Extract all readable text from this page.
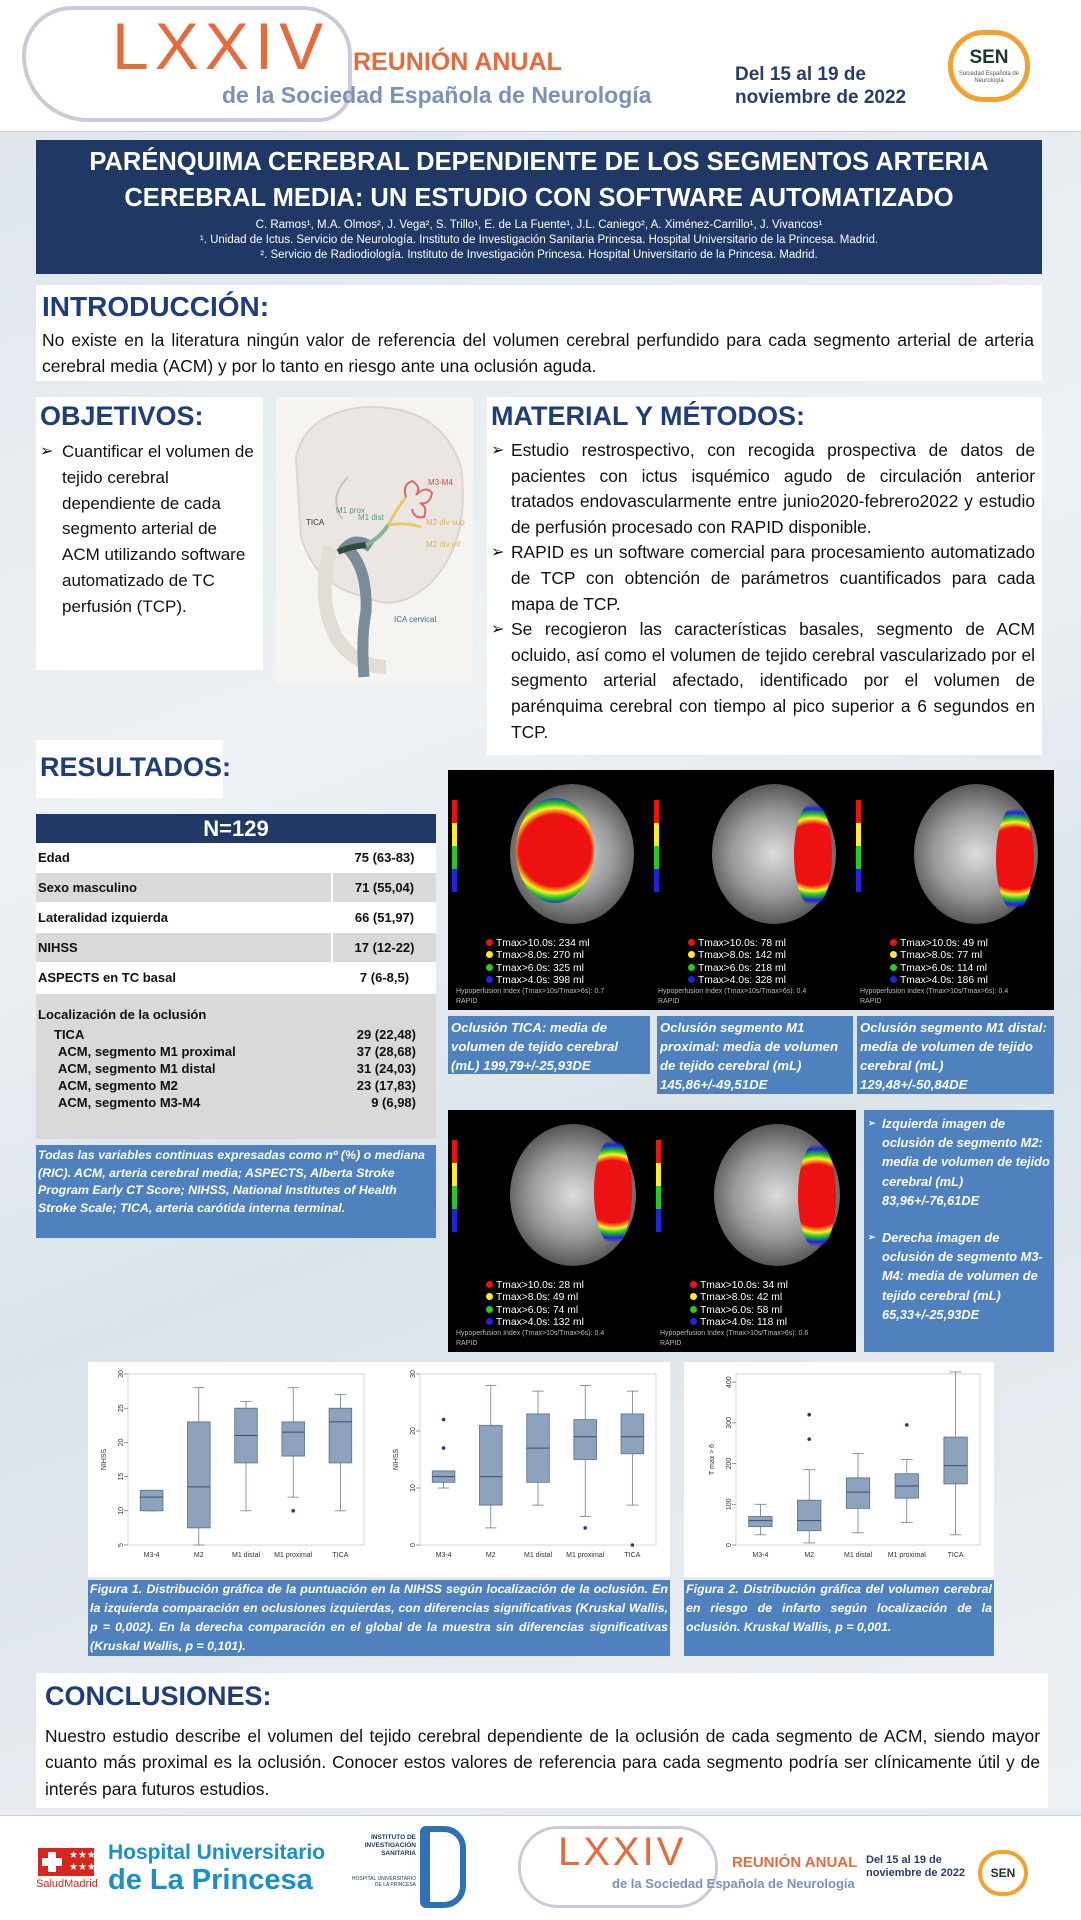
LXXIV REUNIÓN ANUAL
de la Sociedad Española de Neurología
Del 15 al 19 de noviembre de 2022
SEN
Sociedad Española de Neurología
PARÉNQUIMA CEREBRAL DEPENDIENTE DE LOS SEGMENTOS ARTERIA
CEREBRAL MEDIA: UN ESTUDIO CON SOFTWARE AUTOMATIZADO
C. Ramos¹, M.A. Olmos², J. Vega², S. Trillo¹, E. de La Fuente¹, J.L. Caniego², A. Ximénez-Carrillo¹, J. Vivancos¹
¹. Unidad de Ictus. Servicio de Neurología. Instituto de Investigación Sanitaria Princesa. Hospital Universitario de la Princesa. Madrid.
². Servicio de Radiodiología. Instituto de Investigación Princesa. Hospital Universitario de la Princesa. Madrid.
INTRODUCCIÓN:

No existe en la literatura ningún valor de referencia del volumen cerebral perfundido para cada segmento arterial de arteria cerebral media (ACM) y por lo tanto en riesgo ante una oclusión aguda.

OBJETIVOS:
➢ Cuantificar el volumen de tejido cerebral dependiente de cada segmento arterial de ACM utilizando software automatizado de TC perfusión (TCP).
M3-M4
TICA
M1 prox
M1 dist
M2 div sup
M2 div inf
ICA cervical
MATERIAL Y MÉTODOS:
➢ Estudio restrospectivo, con recogida prospectiva de datos de pacientes con ictus isquémico agudo de circulación anterior tratados endovascularmente entre junio2020-febrero2022 y estudio de perfusión procesado con RAPID disponible.
➢ RAPID es un software comercial para procesamiento automatizado de TCP con obtención de parámetros cuantificados para cada mapa de TCP.
➢ Se recogieron las características basales, segmento de ACM ocluido, así como el volumen de tejido cerebral vascularizado por el segmento arterial afectado, identificado por el volumen de parénquima cerebral con tiempo al pico superior a 6 segundos en TCP.
RESULTADOS:
N=129
Edad	75 (63-83)
Sexo masculino	71 (55,04)
Lateralidad izquierda	66 (51,97)
NIHSS	17 (12-22)
ASPECTS en TC basal	7 (6-8,5)
Localización de la oclusión
TICA	29 (22,48)
ACM, segmento M1 proximal	37 (28,68)
ACM, segmento M1 distal	31 (24,03)
ACM, segmento M2	23 (17,83)
ACM, segmento M3-M4	9 (6,98)
Todas las variables continuas expresadas como nº (%) o mediana (RIC). ACM, arteria cerebral media; ASPECTS, Alberta Stroke Program Early CT Score; NIHSS, National Institutes of Health Stroke Scale; TICA, arteria carótida interna terminal.
Tmax>10.0s: 234 ml
Tmax>8.0s: 270 ml
Tmax>6.0s: 325 ml
Tmax>4.0s: 398 ml
Hypoperfusion Index (Tmax>10s/Tmax>6s): 0.7
RAPID
Tmax>10.0s: 78 ml
Tmax>8.0s: 142 ml
Tmax>6.0s: 218 ml
Tmax>4.0s: 328 ml
Hypoperfusion Index (Tmax>10s/Tmax>6s): 0.4
RAPID
Tmax>10.0s: 49 ml
Tmax>8.0s: 77 ml
Tmax>6.0s: 114 ml
Tmax>4.0s: 186 ml
Hypoperfusion Index (Tmax>10s/Tmax>6s): 0.4
RAPID
Tmax>10.0s: 28 ml
Tmax>8.0s: 49 ml
Tmax>6.0s: 74 ml
Tmax>4.0s: 132 ml
Hypoperfusion Index (Tmax>10s/Tmax>6s): 0.4
RAPID
Tmax>10.0s: 34 ml
Tmax>8.0s: 42 ml
Tmax>6.0s: 58 ml
Tmax>4.0s: 118 ml
Hypoperfusion Index (Tmax>10s/Tmax>6s): 0.6
RAPID
Oclusión TICA: media de volumen de tejido cerebral (mL) 199,79+/-25,93DE
Oclusión segmento M1 proximal: media de volumen de tejido cerebral (mL) 145,86+/-49,51DE
Oclusión segmento M1 distal: media de volumen de tejido cerebral (mL) 129,48+/-50,84DE
➢ Izquierda imagen de oclusión de segmento M2: media de volumen de tejido cerebral (mL) 83,96+/-76,61DE
➢ Derecha imagen de oclusión de segmento M3-M4: media de volumen de tejido cerebral (mL) 65,33+/-25,93DE
5
10
15
20
25
30
NIHSS
M3-4	M2	M1 distal M1 proximal	TICA
0
10
20
30
NIHSS
M3-4	M2	M1 distal M1 proximal	TICA
0
100
200
300
400
T max > 6
M3-4	M2	M1 distal M1 proximal	TICA
Figura 1. Distribución gráfica de la puntuación en la NIHSS según localización de la oclusión. En la izquierda comparación en oclusiones izquierdas, con diferencias significativas (Kruskal Wallis, p = 0,002). En la derecha comparación en el global de la muestra sin diferencias significativas (Kruskal Wallis, p = 0,101).
Figura 2. Distribución gráfica del volumen cerebral en riesgo de infarto según localización de la oclusión. Kruskal Wallis, p = 0,001.
CONCLUSIONES:

Nuestro estudio describe el volumen del tejido cerebral dependiente de la oclusión de cada segmento de ACM, siendo mayor cuanto más proximal es la oclusión. Conocer estos valores de referencia para cada segmento podría ser clínicamente útil y de interés para futuros estudios.

★★★
★★★
SaludMadrid
Hospital Universitario
de La Princesa
INSTITUTO DE INVESTIGACIÓN SANITARIA
HOSPITAL UNIVERSITARIO DE LA PRINCESA
LXXIV	REUNIÓN ANUAL
de la Sociedad Española de Neurología
Del 15 al 19 de noviembre de 2022	SEN
